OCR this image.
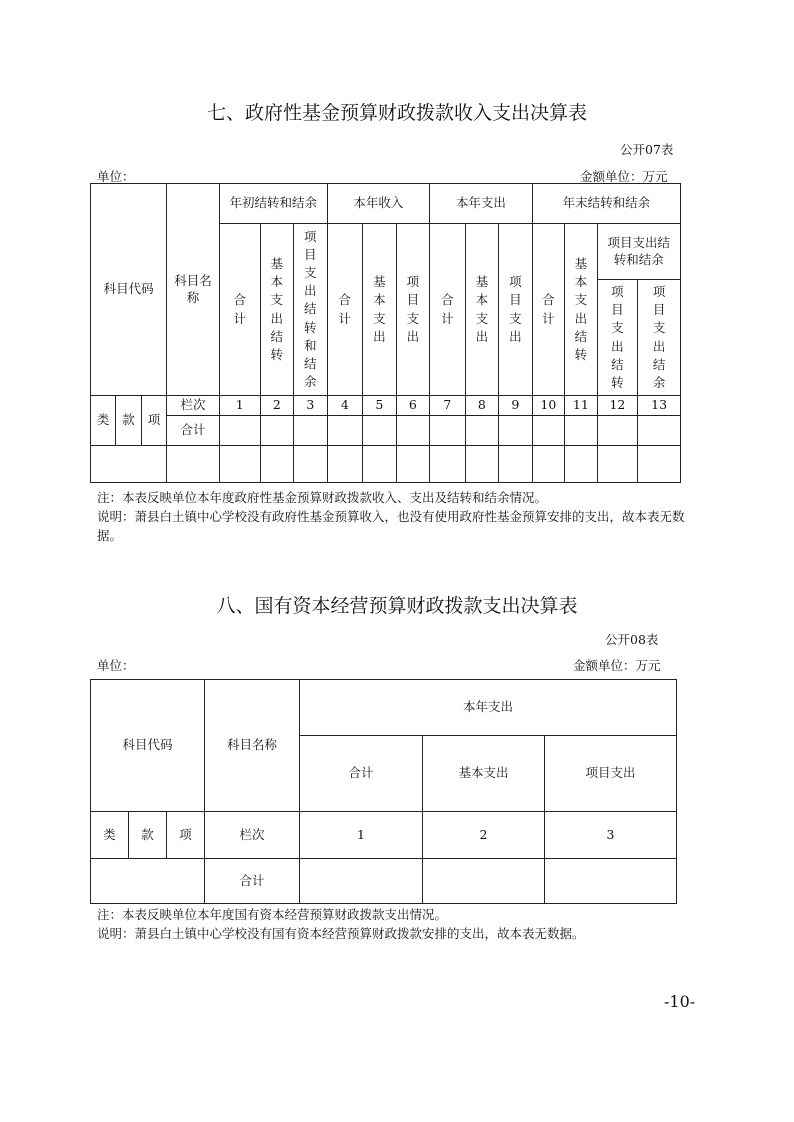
七、政府性基金预算财政拨款收入支出决算表
公开07表
单位：	金额单位：万元
科目代码			科目名称	年初结转和结余			本年收入			本年支出			年末结转和结余			
				合计	基本支出结转	项目支出结转和结余	合计	基本支出	项目支出	合计	基本支出	项目支出	合计	基本支出结转	项目支出结转和结余	
															项目支出结转	项目支出结余
类	款	项	栏次	1	2	3	4	5	6	7	8	9	10	11	12	13
			合计													

注：本表反映单位本年度政府性基金预算财政拨款收入、支出及结转和结余情况。
说明：萧县白土镇中心学校没有政府性基金预算收入，也没有使用政府性基金预算安排的支出，故本表无数据。
八、国有资本经营预算财政拨款支出决算表
公开08表
单位：	金额单位：万元
科目代码			科目名称	本年支出		
				合计	基本支出	项目支出
类	款	项	栏次	1	2	3
			合计			
注：本表反映单位本年度国有资本经营预算财政拨款支出情况。
说明：萧县白土镇中心学校没有国有资本经营预算财政拨款安排的支出，故本表无数据。
-10-
